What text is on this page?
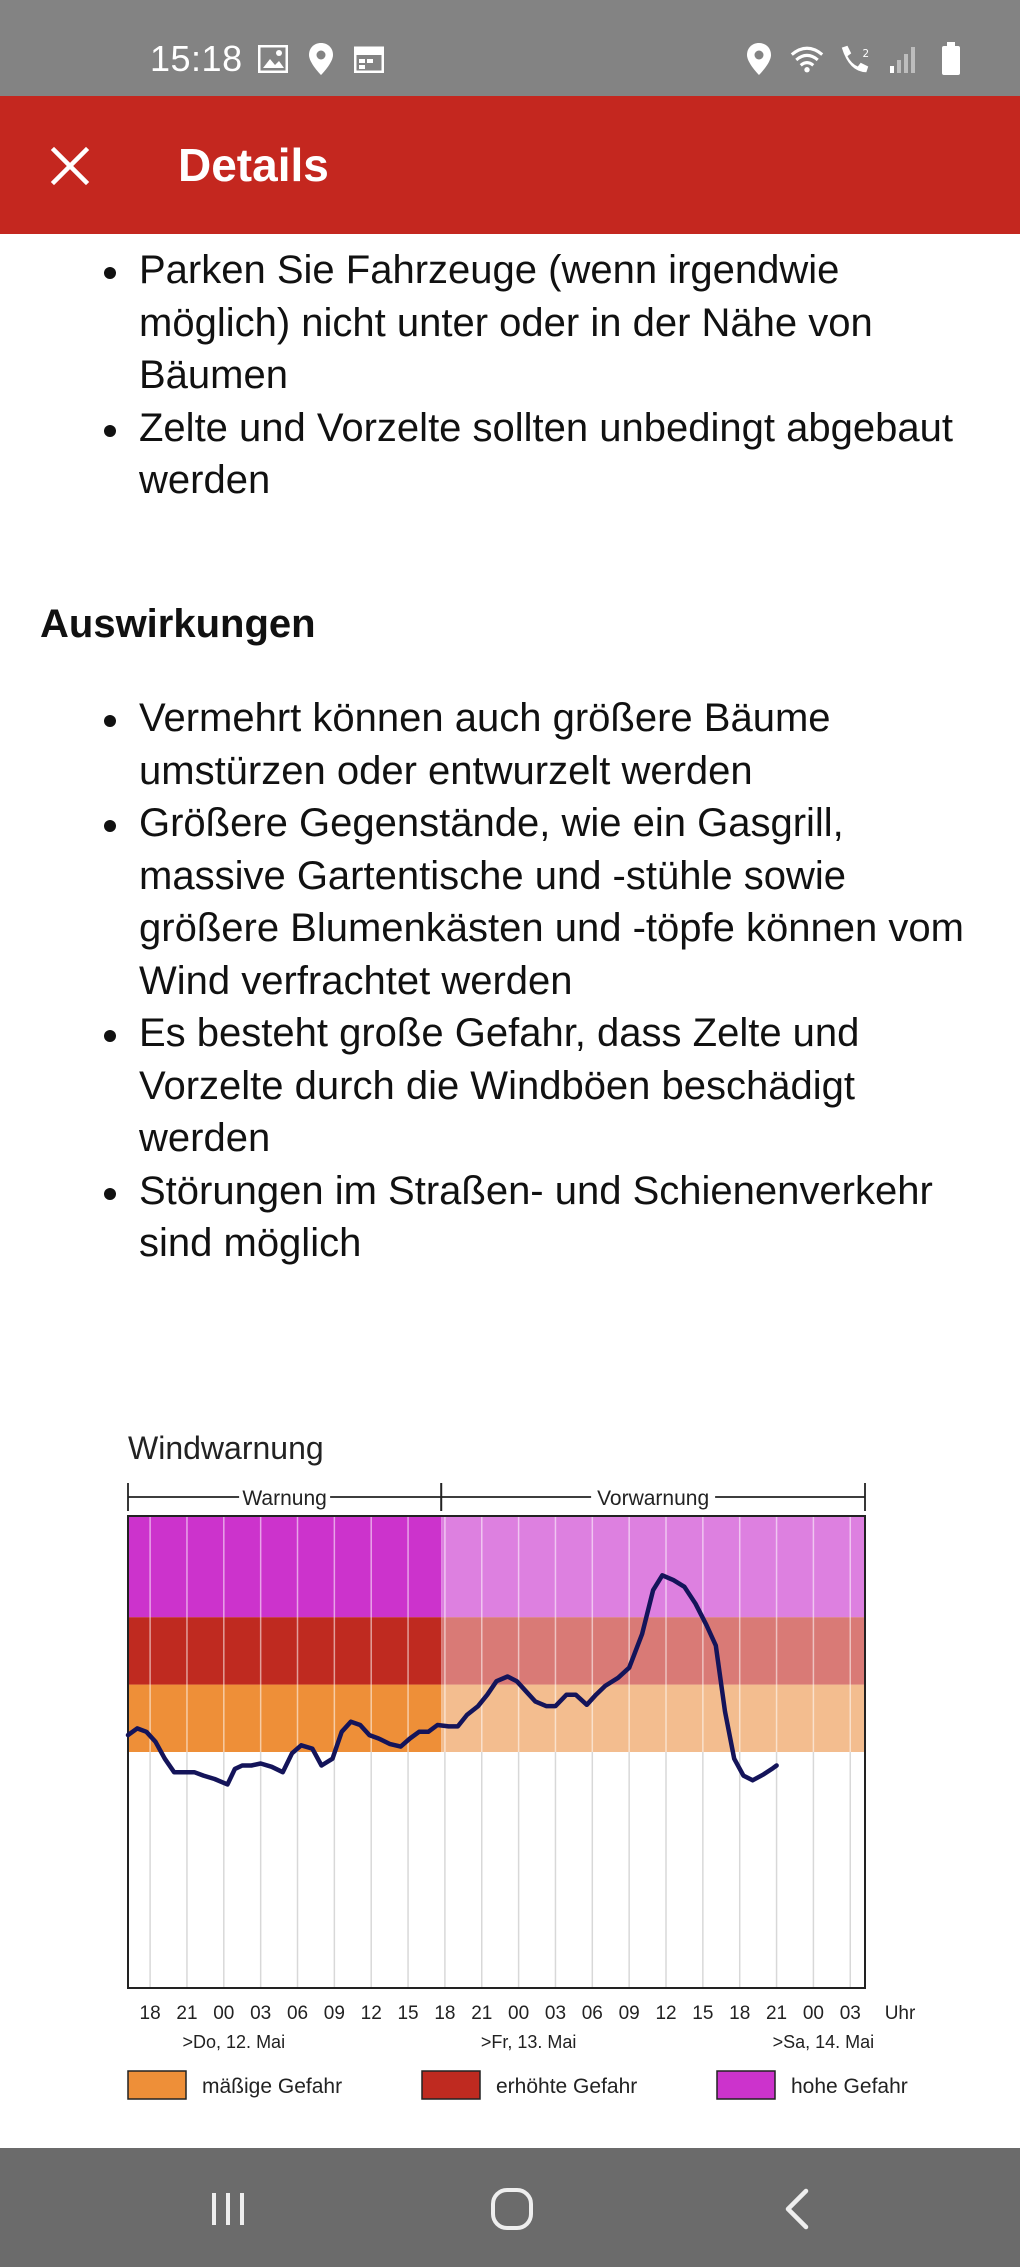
15:18	2
Details
Parken Sie Fahrzeuge (wenn irgendwie möglich) nicht unter oder in der Nähe von Bäumen
Zelte und Vorzelte sollten unbedingt abgebaut werden
Auswirkungen
Vermehrt können auch größere Bäume umstürzen oder entwurzelt werden
Größere Gegenstände, wie ein Gasgrill, massive Gartentische und -stühle sowie größere Blumenkästen und -töpfe können vom Wind verfrachtet werden
Es besteht große Gefahr, dass Zelte und Vorzelte durch die Windböen beschädigt werden
Störungen im Straßen- und Schienenverkehr sind möglich
Windwarnung
Warnung	Vorwarnung
18 21 00 03 06 09 12 15 18 21 00 03 06 09 12 15 18 21 00 03 Uhr
>Do, 12. Mai	>Fr, 13. Mai	>Sa, 14. Mai
mäßige Gefahr	erhöhte Gefahr	hohe Gefahr
